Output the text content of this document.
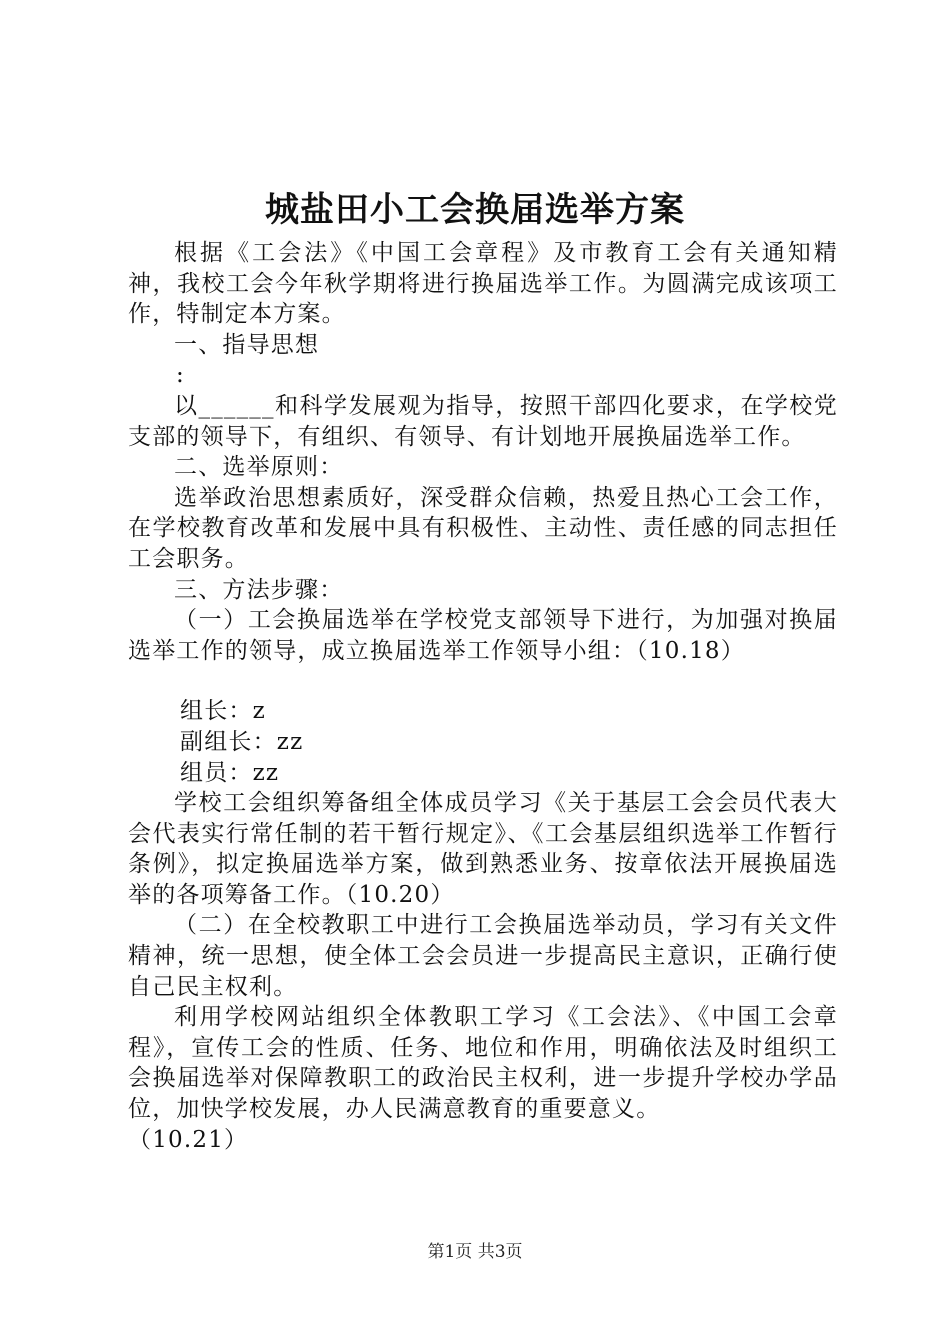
城盐田小工会换届选举方案

根据《工会法》《中国工会章程》及市教育工会有关通知精神，我校工会今年秋学期将进行换届选举工作。为圆满完成该项工作，特制定本方案。

一、指导思想

:

以______和科学发展观为指导，按照干部四化要求，在学校党支部的领导下，有组织、有领导、有计划地开展换届选举工作。

二、选举原则：

选举政治思想素质好，深受群众信赖，热爱且热心工会工作，在学校教育改革和发展中具有积极性、主动性、责任感的同志担任工会职务。

三、方法步骤：

（一）工会换届选举在学校党支部领导下进行，为加强对换届选举工作的领导，成立换届选举工作领导小组：（10.18）

组长：z

副组长：zz

组员：zz

学校工会组织筹备组全体成员学习《关于基层工会会员代表大会代表实行常任制的若干暂行规定》、《工会基层组织选举工作暂行条例》，拟定换届选举方案，做到熟悉业务、按章依法开展换届选举的各项筹备工作。（10.20）

（二）在全校教职工中进行工会换届选举动员，学习有关文件精神，统一思想，使全体工会会员进一步提高民主意识，正确行使自己民主权利。

利用学校网站组织全体教职工学习《工会法》、《中国工会章程》，宣传工会的性质、任务、地位和作用，明确依法及时组织工会换届选举对保障教职工的政治民主权利，进一步提升学校办学品位，加快学校发展，办人民满意教育的重要意义。

（10.21）

第1页 共3页
